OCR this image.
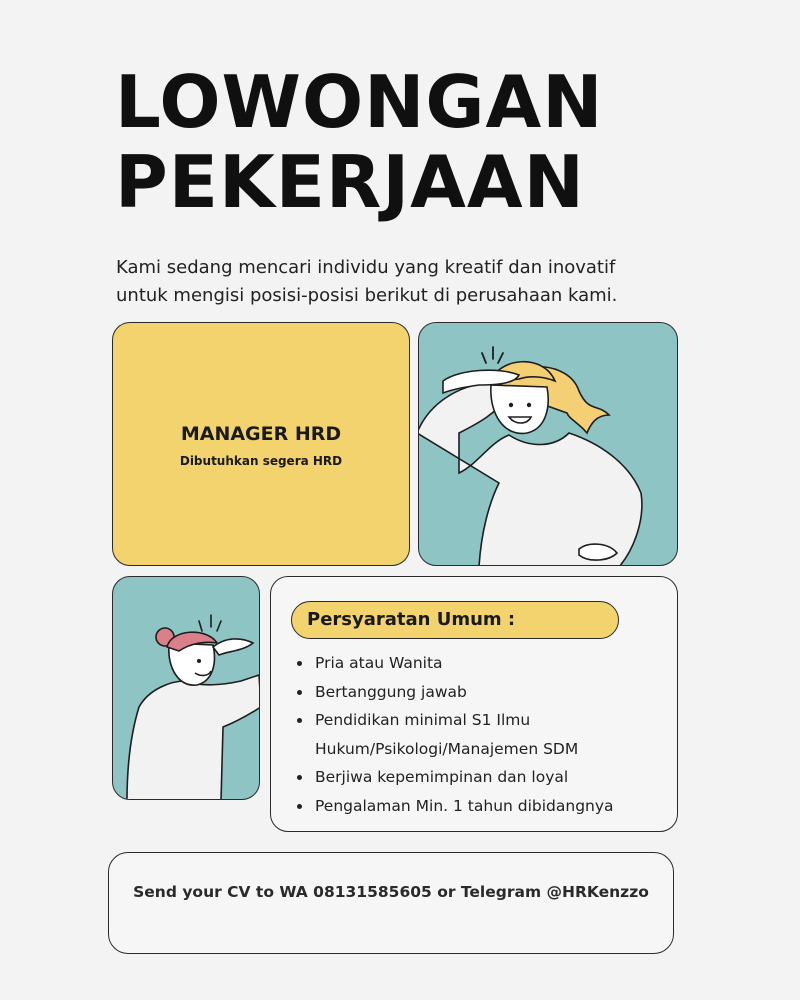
LOWONGAN
PEKERJAAN

Kami sedang mencari individu yang kreatif dan inovatif
untuk mengisi posisi-posisi berikut di perusahaan kami.

MANAGER HRD
Dibutuhkan segera HRD
Persyaratan Umum :
• Pria atau Wanita
• Bertanggung jawab
• Pendidikan minimal S1 Ilmu Hukum/Psikologi/Manajemen SDM
• Berjiwa kepemimpinan dan loyal
• Pengalaman Min. 1 tahun dibidangnya
Send your CV to WA 08131585605 or Telegram @HRKenzzo
